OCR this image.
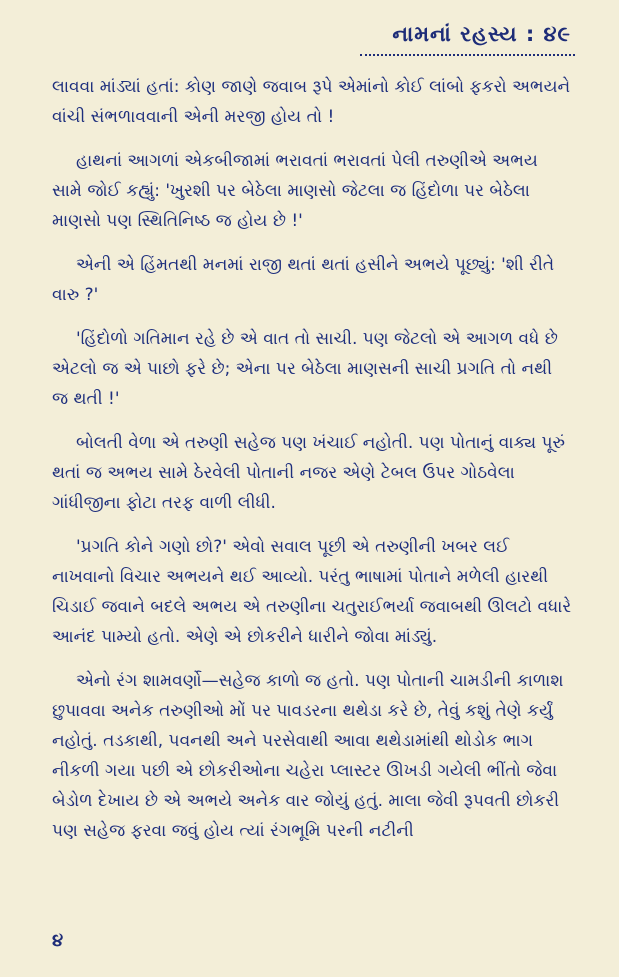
નામનાં રહસ્ય : ૪૯

લાવવા માંડ્યાં હતાં: કોણ જાણે જવાબ રૂપે એમાંનો કોઈ લાંબો ફકરો અભયને વાંચી સંભળાવવાની એની મરજી હોય તો !

હાથનાં આગળાં એકબીજામાં ભરાવતાં ભરાવતાં પેલી તરુણીએ અભય સામે જોઈ કહ્યું: 'ખુરશી પર બેઠેલા માણસો જેટલા જ હિંદોળા પર બેઠેલા માણસો પણ સ્થિતિનિષ્ઠ જ હોય છે !'

એની એ હિંમતથી મનમાં રાજી થતાં થતાં હસીને અભયે પૂછ્યું: 'શી રીતે વારુ ?'

'હિંદોળો ગતિમાન રહે છે એ વાત તો સાચી. પણ જેટલો એ આગળ વધે છે એટલો જ એ પાછો ફરે છે; એના પર બેઠેલા માણસની સાચી પ્રગતિ તો નથી જ થતી !'

બોલતી વેળા એ તરુણી સહેજ પણ ખંચાઈ નહોતી. પણ પોતાનું વાક્ય પૂરું થતાં જ અભય સામે ઠેરવેલી પોતાની નજર એણે ટેબલ ઉપર ગોઠવેલા ગાંધીજીના ફોટા તરફ વાળી લીધી.

'પ્રગતિ કોને ગણો છો?' એવો સવાલ પૂછી એ તરુણીની ખબર લઈ નાખવાનો વિચાર અભયને થઈ આવ્યો. પરંતુ ભાષામાં પોતાને મળેલી હારથી ચિડાઈ જવાને બદલે અભય એ તરુણીના ચતુરાઈભર્યા જવાબથી ઊલટો વધારે આનંદ પામ્યો હતો. એણે એ છોકરીને ધારીને જોવા માંડ્યું.

એનો રંગ શામવર્ણો—સહેજ કાળો જ હતો. પણ પોતાની ચામડીની કાળાશ છુપાવવા અનેક તરુણીઓ મોં પર પાવડરના થથેડા કરે છે, તેવું કશું તેણે કર્યું નહોતું. તડકાથી, પવનથી અને પરસેવાથી આવા થથેડામાંથી થોડોક ભાગ નીકળી ગયા પછી એ છોકરીઓના ચહેરા પ્લાસ્ટર ઊખડી ગયેલી ભીંતો જેવા બેડોળ દેખાય છે એ અભયે અનેક વાર જોયું હતું. માલા જેવી રૂપવતી છોકરી પણ સહેજ ફરવા જવું હોય ત્યાં રંગભૂમિ પરની નટીની

૪
